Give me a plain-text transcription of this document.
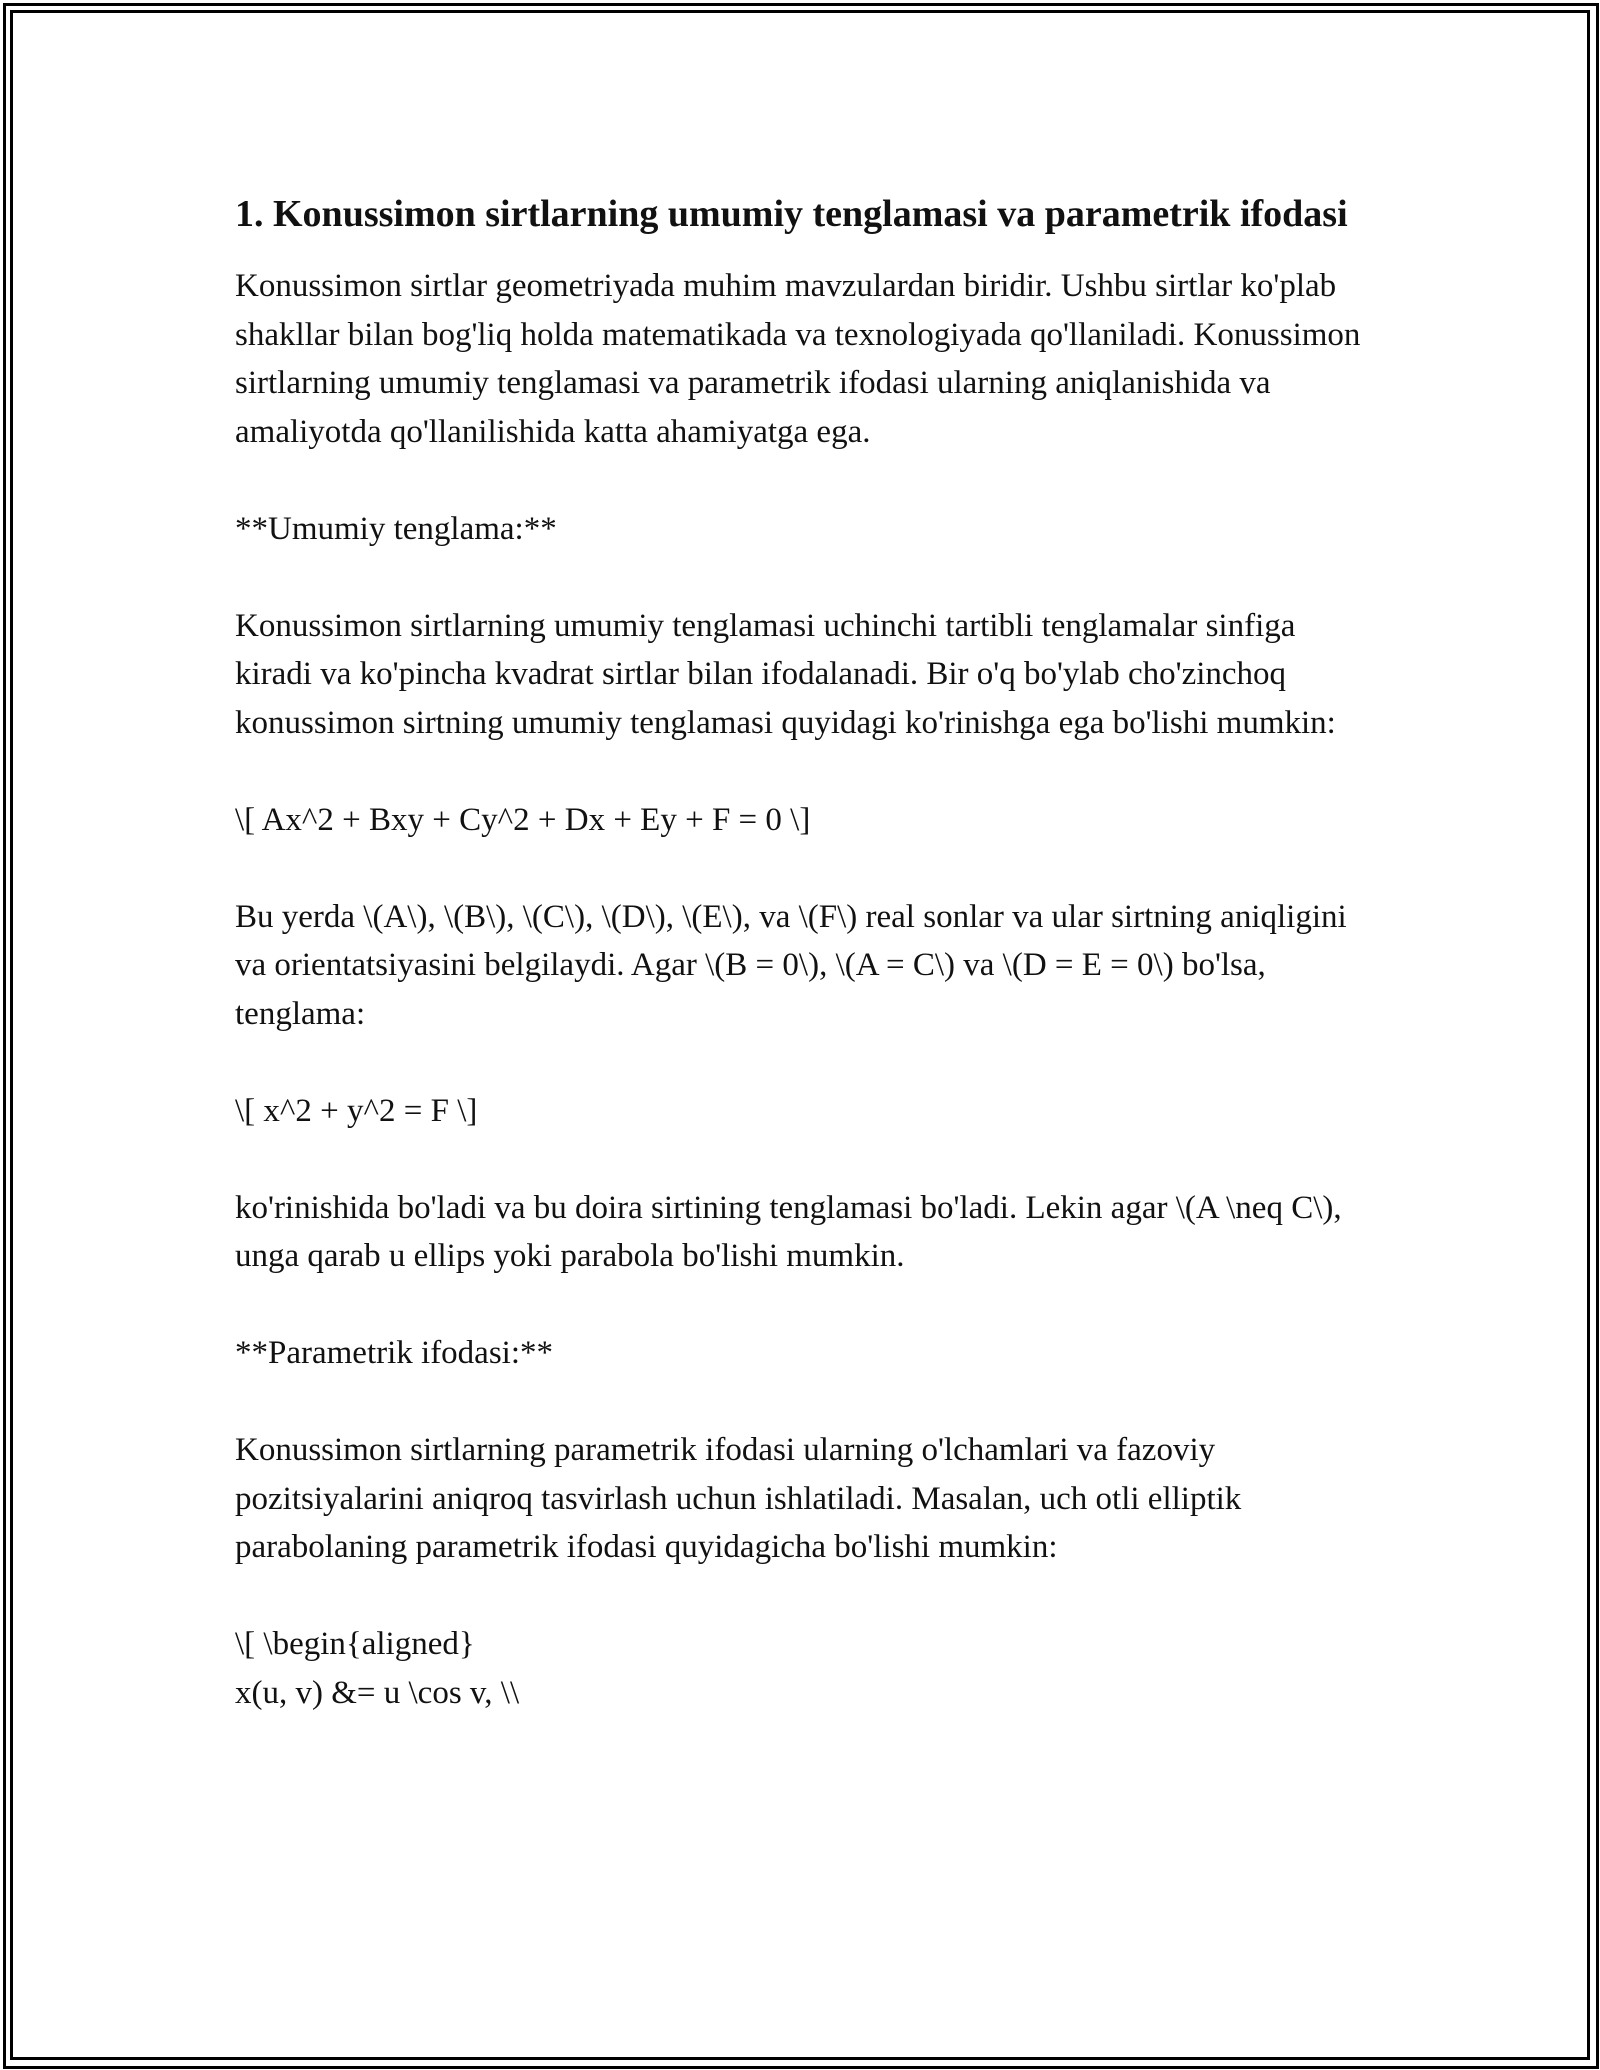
1. Konussimon sirtlarning umumiy tenglamasi va parametrik ifodasi

Konussimon sirtlar geometriyada muhim mavzulardan biridir. Ushbu sirtlar ko'plab shakllar bilan bog'liq holda matematikada va texnologiyada qo'llaniladi. Konussimon sirtlarning umumiy tenglamasi va parametrik ifodasi ularning aniqlanishida va amaliyotda qo'llanilishida katta ahamiyatga ega.

**Umumiy tenglama:**

Konussimon sirtlarning umumiy tenglamasi uchinchi tartibli tenglamalar sinfiga kiradi va ko'pincha kvadrat sirtlar bilan ifodalanadi. Bir o'q bo'ylab cho'zinchoq konussimon sirtning umumiy tenglamasi quyidagi ko'rinishga ega bo'lishi mumkin:

\[ Ax^2 + Bxy + Cy^2 + Dx + Ey + F = 0 \]

Bu yerda \(A\), \(B\), \(C\), \(D\), \(E\), va \(F\) real sonlar va ular sirtning aniqligini va orientatsiyasini belgilaydi. Agar \(B = 0\), \(A = C\) va \(D = E = 0\) bo'lsa, tenglama:

\[ x^2 + y^2 = F \]

ko'rinishida bo'ladi va bu doira sirtining tenglamasi bo'ladi. Lekin agar \(A \neq C\), unga qarab u ellips yoki parabola bo'lishi mumkin.

**Parametrik ifodasi:**

Konussimon sirtlarning parametrik ifodasi ularning o'lchamlari va fazoviy pozitsiyalarini aniqroq tasvirlash uchun ishlatiladi. Masalan, uch otli elliptik parabolaning parametrik ifodasi quyidagicha bo'lishi mumkin:

\[ \begin{aligned}
x(u, v) &= u \cos v, \\
